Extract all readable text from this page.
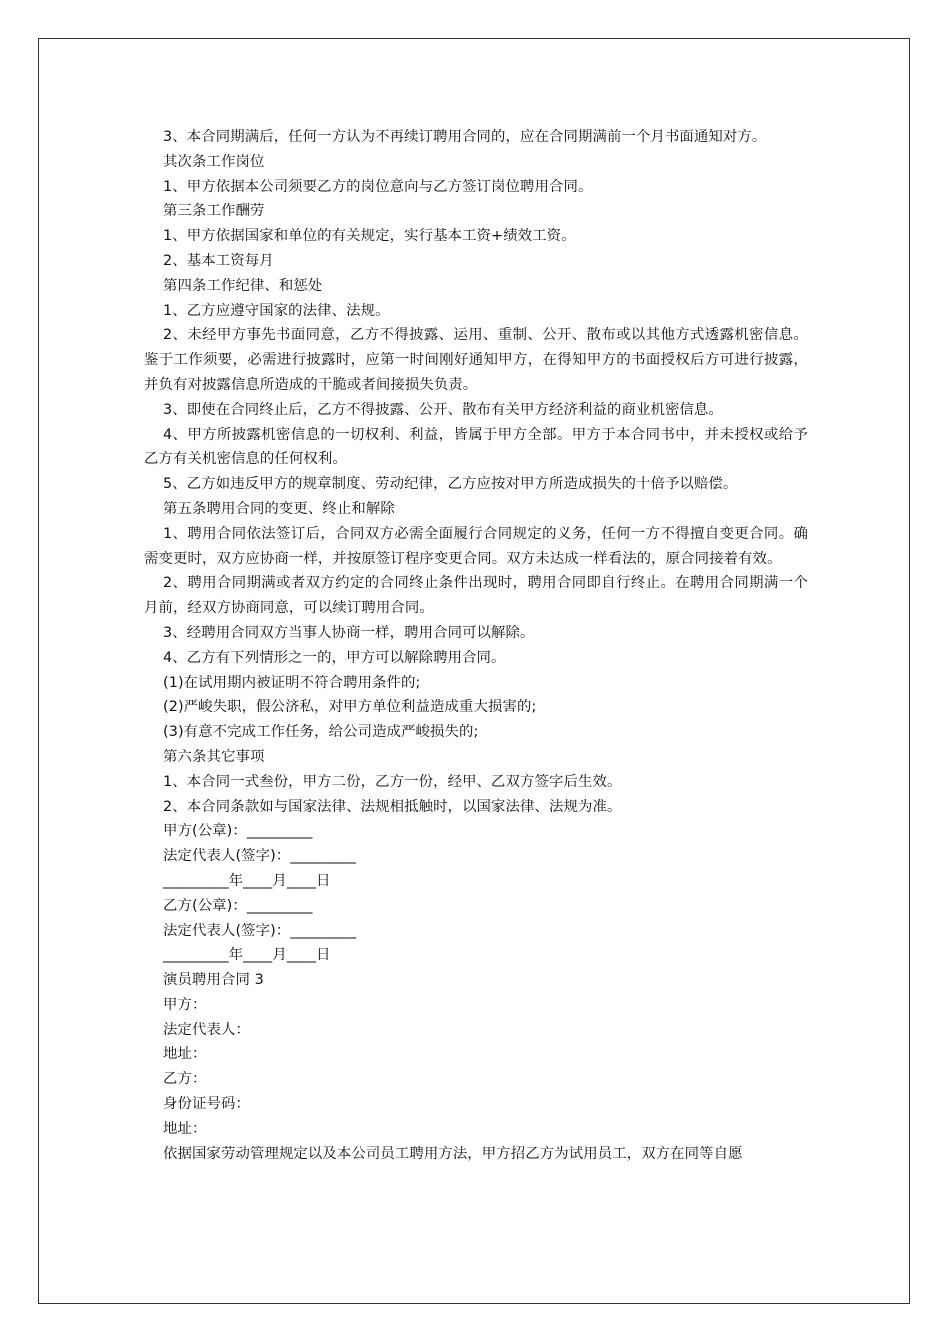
3、本合同期满后，任何一方认为不再续订聘用合同的，应在合同期满前一个月书面通知对方。

其次条工作岗位

1、甲方依据本公司须要乙方的岗位意向与乙方签订岗位聘用合同。

第三条工作酬劳

1、甲方依据国家和单位的有关规定，实行基本工资+绩效工资。

2、基本工资每月

第四条工作纪律、和惩处

1、乙方应遵守国家的法律、法规。

2、未经甲方事先书面同意，乙方不得披露、运用、重制、公开、散布或以其他方式透露机密信息。鉴于工作须要，必需进行披露时，应第一时间刚好通知甲方，在得知甲方的书面授权后方可进行披露，并负有对披露信息所造成的干脆或者间接损失负责。

3、即使在合同终止后，乙方不得披露、公开、散布有关甲方经济利益的商业机密信息。

4、甲方所披露机密信息的一切权利、利益，皆属于甲方全部。甲方于本合同书中，并未授权或给予乙方有关机密信息的任何权利。

5、乙方如违反甲方的规章制度、劳动纪律，乙方应按对甲方所造成损失的十倍予以赔偿。

第五条聘用合同的变更、终止和解除

1、聘用合同依法签订后，合同双方必需全面履行合同规定的义务，任何一方不得擅自变更合同。确需变更时，双方应协商一样，并按原签订程序变更合同。双方未达成一样看法的，原合同接着有效。

2、聘用合同期满或者双方约定的合同终止条件出现时，聘用合同即自行终止。在聘用合同期满一个月前，经双方协商同意，可以续订聘用合同。

3、经聘用合同双方当事人协商一样，聘用合同可以解除。

4、乙方有下列情形之一的，甲方可以解除聘用合同。

(1)在试用期内被证明不符合聘用条件的;

(2)严峻失职，假公济私，对甲方单位利益造成重大损害的;

(3)有意不完成工作任务，给公司造成严峻损失的;

第六条其它事项

1、本合同一式叁份，甲方二份，乙方一份，经甲、乙双方签字后生效。

2、本合同条款如与国家法律、法规相抵触时，以国家法律、法规为准。

甲方(公章)：_________

法定代表人(签字)：_________

_________年____月____日

乙方(公章)：_________

法定代表人(签字)：_________

_________年____月____日

演员聘用合同 3

甲方：

法定代表人：

地址：

乙方：

身份证号码：

地址：

依据国家劳动管理规定以及本公司员工聘用方法，甲方招乙方为试用员工，双方在同等自愿
